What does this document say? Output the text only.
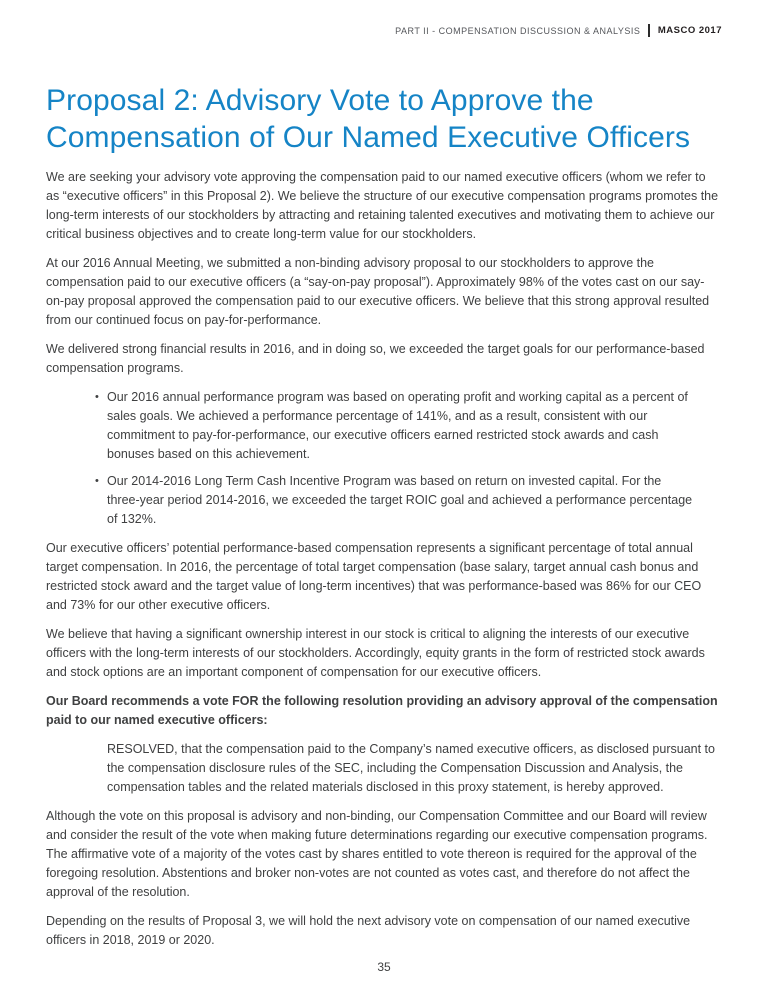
PART II - COMPENSATION DISCUSSION & ANALYSIS MASCO 2017
Proposal 2: Advisory Vote to Approve the Compensation of Our Named Executive Officers

We are seeking your advisory vote approving the compensation paid to our named executive officers (whom we refer to as “executive officers” in this Proposal 2). We believe the structure of our executive compensation programs promotes the long-term interests of our stockholders by attracting and retaining talented executives and motivating them to achieve our critical business objectives and to create long-term value for our stockholders.

At our 2016 Annual Meeting, we submitted a non-binding advisory proposal to our stockholders to approve the compensation paid to our executive officers (a “say-on-pay proposal”). Approximately 98% of the votes cast on our say-on-pay proposal approved the compensation paid to our executive officers. We believe that this strong approval resulted from our continued focus on pay-for-performance.

We delivered strong financial results in 2016, and in doing so, we exceeded the target goals for our performance-based compensation programs.

• Our 2016 annual performance program was based on operating profit and working capital as a percent of sales goals. We achieved a performance percentage of 141%, and as a result, consistent with our commitment to pay-for-performance, our executive officers earned restricted stock awards and cash bonuses based on this achievement.
• Our 2014-2016 Long Term Cash Incentive Program was based on return on invested capital. For the three-year period 2014-2016, we exceeded the target ROIC goal and achieved a performance percentage of 132%.

Our executive officers’ potential performance-based compensation represents a significant percentage of total annual target compensation. In 2016, the percentage of total target compensation (base salary, target annual cash bonus and restricted stock award and the target value of long-term incentives) that was performance-based was 86% for our CEO and 73% for our other executive officers.

We believe that having a significant ownership interest in our stock is critical to aligning the interests of our executive officers with the long-term interests of our stockholders. Accordingly, equity grants in the form of restricted stock awards and stock options are an important component of compensation for our executive officers.

Our Board recommends a vote FOR the following resolution providing an advisory approval of the compensation paid to our named executive officers:

RESOLVED, that the compensation paid to the Company’s named executive officers, as disclosed pursuant to the compensation disclosure rules of the SEC, including the Compensation Discussion and Analysis, the compensation tables and the related materials disclosed in this proxy statement, is hereby approved.

Although the vote on this proposal is advisory and non-binding, our Compensation Committee and our Board will review and consider the result of the vote when making future determinations regarding our executive compensation programs. The affirmative vote of a majority of the votes cast by shares entitled to vote thereon is required for the approval of the foregoing resolution. Abstentions and broker non-votes are not counted as votes cast, and therefore do not affect the approval of the resolution.

Depending on the results of Proposal 3, we will hold the next advisory vote on compensation of our named executive officers in 2018, 2019 or 2020.

35
